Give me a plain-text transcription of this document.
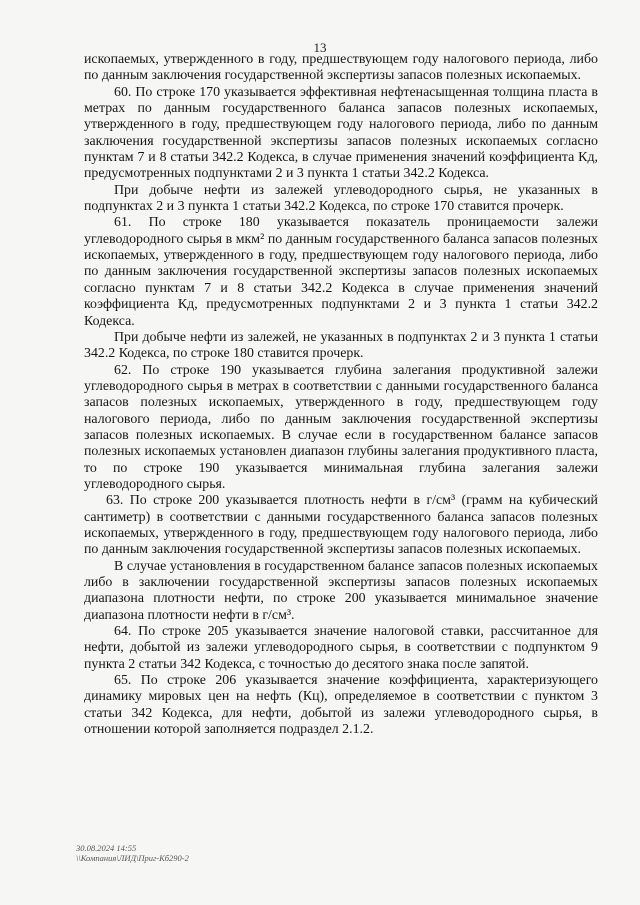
13

ископаемых, утвержденного в году, предшествующем году налогового периода, либо по данным заключения государственной экспертизы запасов полезных ископаемых.

60. По строке 170 указывается эффективная нефтенасыщенная толщина пласта в метрах по данным государственного баланса запасов полезных ископаемых, утвержденного в году, предшествующем году налогового периода, либо по данным заключения государственной экспертизы запасов полезных ископаемых согласно пунктам 7 и 8 статьи 342.2 Кодекса, в случае применения значений коэффициента Кд, предусмотренных подпунктами 2 и 3 пункта 1 статьи 342.2 Кодекса.

При добыче нефти из залежей углеводородного сырья, не указанных в подпунктах 2 и 3 пункта 1 статьи 342.2 Кодекса, по строке 170 ставится прочерк.

61. По строке 180 указывается показатель проницаемости залежи углеводородного сырья в мкм² по данным государственного баланса запасов полезных ископаемых, утвержденного в году, предшествующем году налогового периода, либо по данным заключения государственной экспертизы запасов полезных ископаемых согласно пунктам 7 и 8 статьи 342.2 Кодекса в случае применения значений коэффициента Кд, предусмотренных подпунктами 2 и 3 пункта 1 статьи 342.2 Кодекса.

При добыче нефти из залежей, не указанных в подпунктах 2 и 3 пункта 1 статьи 342.2 Кодекса, по строке 180 ставится прочерк.

62. По строке 190 указывается глубина залегания продуктивной залежи углеводородного сырья в метрах в соответствии с данными государственного баланса запасов полезных ископаемых, утвержденного в году, предшествующем году налогового периода, либо по данным заключения государственной экспертизы запасов полезных ископаемых. В случае если в государственном балансе запасов полезных ископаемых установлен диапазон глубины залегания продуктивного пласта, то по строке 190 указывается минимальная глубина залегания залежи углеводородного сырья.

63. По строке 200 указывается плотность нефти в г/см³ (грамм на кубический сантиметр) в соответствии с данными государственного баланса запасов полезных ископаемых, утвержденного в году, предшествующем году налогового периода, либо по данным заключения государственной экспертизы запасов полезных ископаемых.

В случае установления в государственном балансе запасов полезных ископаемых либо в заключении государственной экспертизы запасов полезных ископаемых диапазона плотности нефти, по строке 200 указывается минимальное значение диапазона плотности нефти в г/см³.

64. По строке 205 указывается значение налоговой ставки, рассчитанное для нефти, добытой из залежи углеводородного сырья, в соответствии с подпунктом 9 пункта 2 статьи 342 Кодекса, с точностью до десятого знака после запятой.

65. По строке 206 указывается значение коэффициента, характеризующего динамику мировых цен на нефть (Кц), определяемое в соответствии с пунктом 3 статьи 342 Кодекса, для нефти, добытой из залежи углеводородного сырья, в отношении которой заполняется подраздел 2.1.2.

30.08.2024 14:55
\\Компания\ЛИД\Приг-Кб290-2
